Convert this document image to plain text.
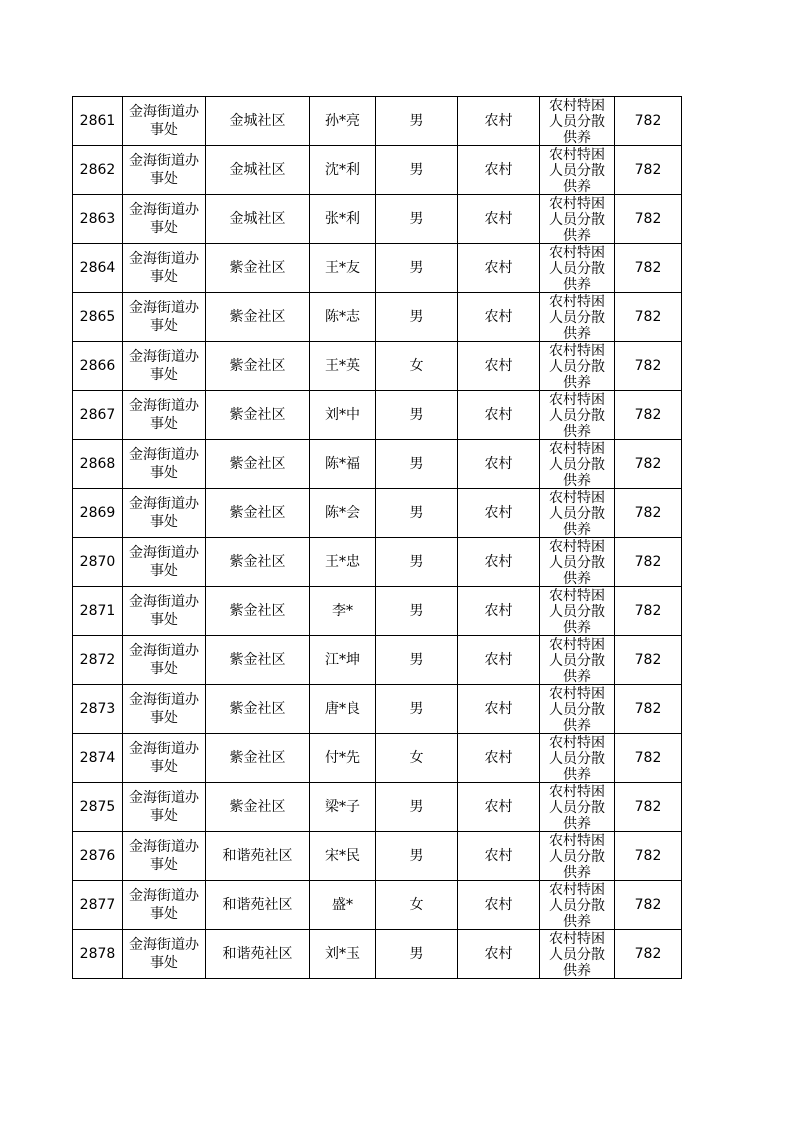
2861	金海街道办事处	金城社区	孙*亮	男	农村	农村特困人员分散供养	782
2862	金海街道办事处	金城社区	沈*利	男	农村	农村特困人员分散供养	782
2863	金海街道办事处	金城社区	张*利	男	农村	农村特困人员分散供养	782
2864	金海街道办事处	紫金社区	王*友	男	农村	农村特困人员分散供养	782
2865	金海街道办事处	紫金社区	陈*志	男	农村	农村特困人员分散供养	782
2866	金海街道办事处	紫金社区	王*英	女	农村	农村特困人员分散供养	782
2867	金海街道办事处	紫金社区	刘*中	男	农村	农村特困人员分散供养	782
2868	金海街道办事处	紫金社区	陈*福	男	农村	农村特困人员分散供养	782
2869	金海街道办事处	紫金社区	陈*会	男	农村	农村特困人员分散供养	782
2870	金海街道办事处	紫金社区	王*忠	男	农村	农村特困人员分散供养	782
2871	金海街道办事处	紫金社区	李*	男	农村	农村特困人员分散供养	782
2872	金海街道办事处	紫金社区	江*坤	男	农村	农村特困人员分散供养	782
2873	金海街道办事处	紫金社区	唐*良	男	农村	农村特困人员分散供养	782
2874	金海街道办事处	紫金社区	付*先	女	农村	农村特困人员分散供养	782
2875	金海街道办事处	紫金社区	梁*子	男	农村	农村特困人员分散供养	782
2876	金海街道办事处	和谐苑社区	宋*民	男	农村	农村特困人员分散供养	782
2877	金海街道办事处	和谐苑社区	盛*	女	农村	农村特困人员分散供养	782
2878	金海街道办事处	和谐苑社区	刘*玉	男	农村	农村特困人员分散供养	782
